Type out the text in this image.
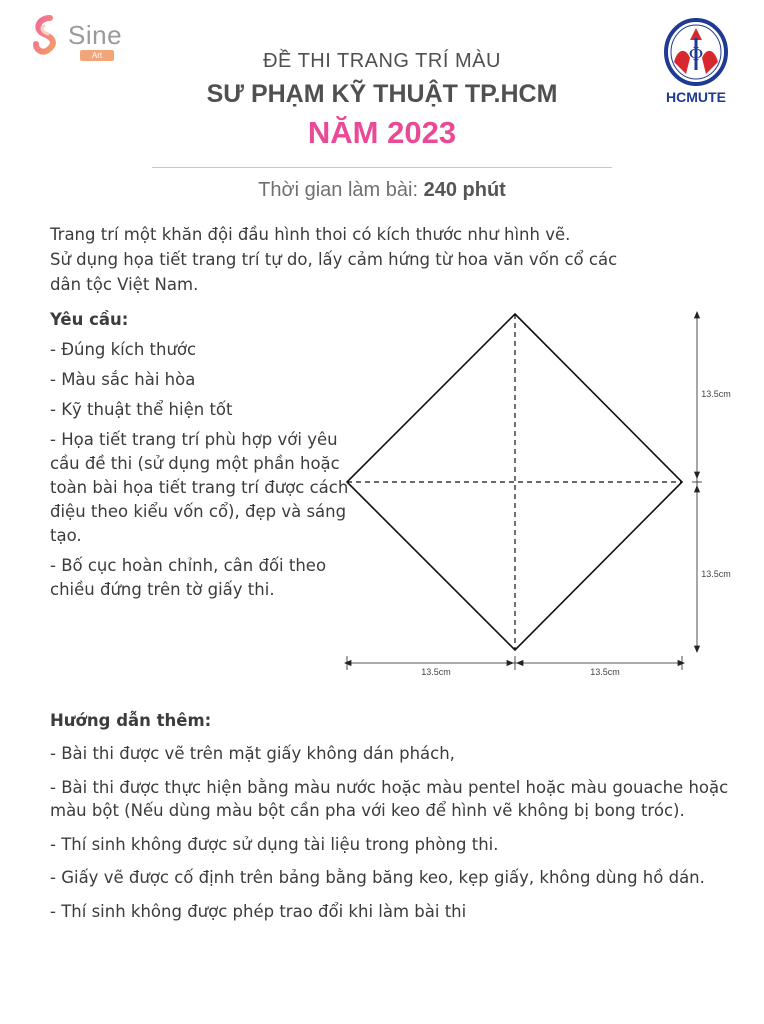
Sine
Art	ĐỀ THI TRANG TRÍ MÀU
SƯ PHẠM KỸ THUẬT TP.HCM
NĂM 2023
Thời gian làm bài: 240 phút
Φ
HCMUTE
Trang trí một khăn đội đầu hình thoi có kích thước như hình vẽ.
Sử dụng họa tiết trang trí tự do, lấy cảm hứng từ hoa văn vốn cổ các
dân tộc Việt Nam.
Yêu cầu:
- Đúng kích thước
- Màu sắc hài hòa
- Kỹ thuật thể hiện tốt
- Họa tiết trang trí phù hợp với yêu cầu đề thi (sử dụng một phần hoặc toàn bài họa tiết trang trí được cách điệu theo kiểu vốn cổ), đẹp và sáng tạo.
- Bố cục hoàn chỉnh, cân đối theo chiều đứng trên tờ giấy thi.
13.5cm
13.5cm
13.5cm	13.5cm
Hướng dẫn thêm:
- Bài thi được vẽ trên mặt giấy không dán phách,
- Bài thi được thực hiện bằng màu nước hoặc màu pentel hoặc màu gouache hoặc màu bột (Nếu dùng màu bột cần pha với keo để hình vẽ không bị bong tróc).
- Thí sinh không được sử dụng tài liệu trong phòng thi.
- Giấy vẽ được cố định trên bảng bằng băng keo, kẹp giấy, không dùng hồ dán.
- Thí sinh không được phép trao đổi khi làm bài thi
